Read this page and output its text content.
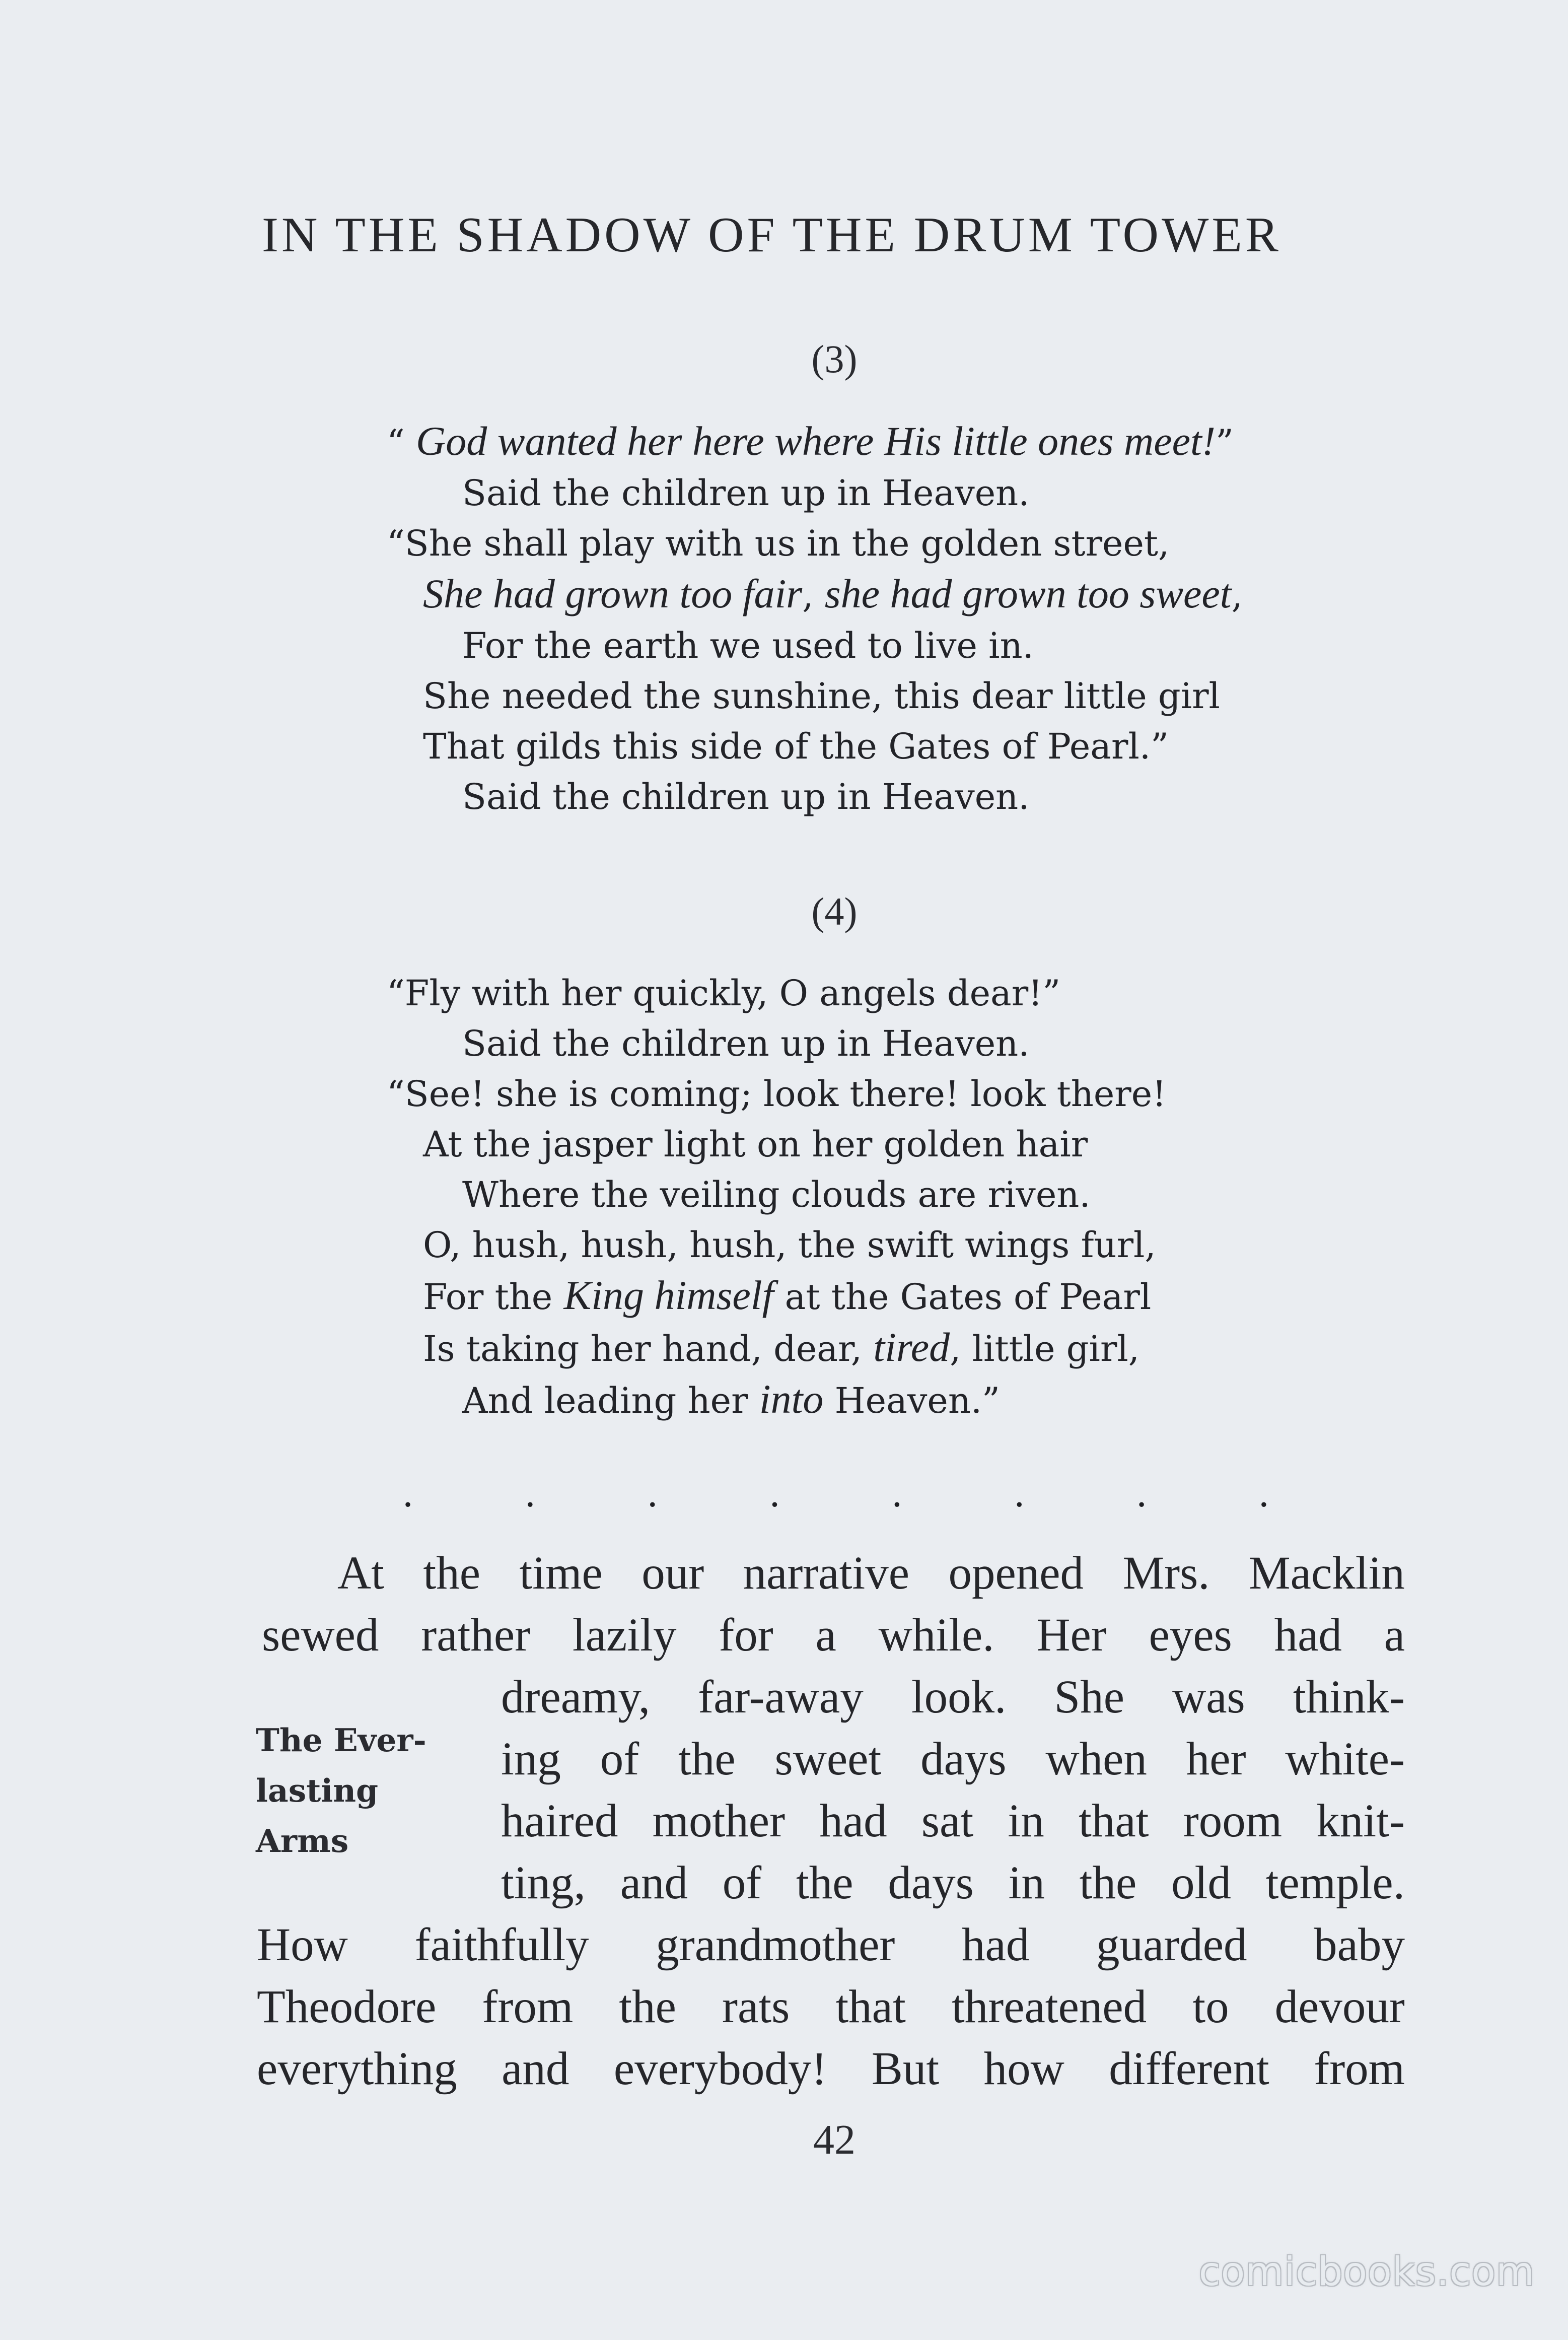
IN THE SHADOW OF THE DRUM TOWER
(3)
“ God wanted her here where His little ones meet!”
Said the children up in Heaven.
“She shall play with us in the golden street,
She had grown too fair, she had grown too sweet,
For the earth we used to live in.
She needed the sunshine, this dear little girl
That gilds this side of the Gates of Pearl.”
Said the children up in Heaven.
(4)
“Fly with her quickly, O angels dear!”
Said the children up in Heaven.
“See! she is coming; look there! look there!
At the jasper light on her golden hair
Where the veiling clouds are riven.
O, hush, hush, hush, the swift wings furl,
For the King himself at the Gates of Pearl
Is taking her hand, dear, tired, little girl,
And leading her into Heaven.”
.	.	.	.	.	.	.	.
At the time our narrative opened Mrs. Macklin
sewed rather lazily for a while. Her eyes had a
dreamy, far-away look. She was think-
ing of the sweet days when her white-
haired mother had sat in that room knit-
ting, and of the days in the old temple.
How faithfully grandmother had guarded baby
Theodore from the rats that threatened to devour
everything and everybody! But how different from
The Ever-
lasting
Arms
42
comicbooks.com
